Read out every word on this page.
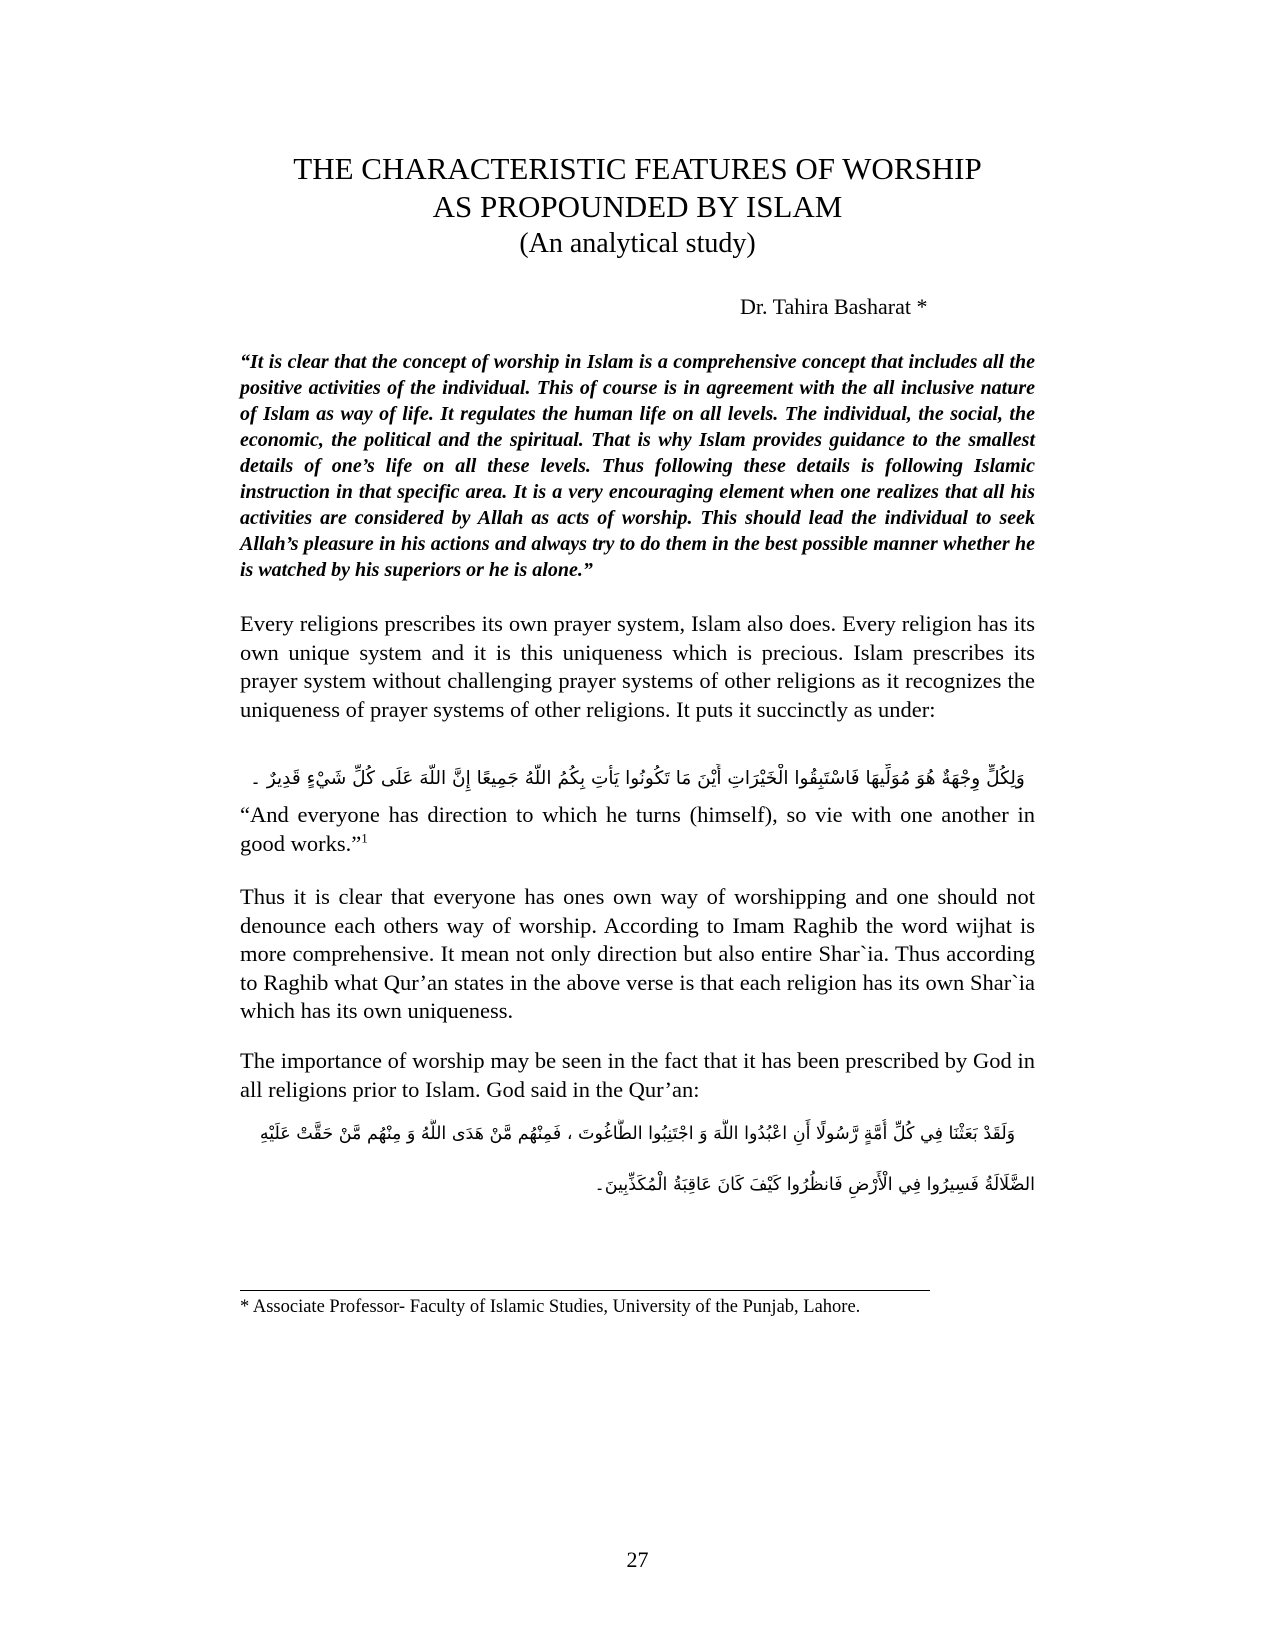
THE CHARACTERISTIC FEATURES OF WORSHIP
AS PROPOUNDED BY ISLAM
(An analytical study)
Dr. Tahira Basharat *

“It is clear that the concept of worship in Islam is a comprehensive concept that includes all the positive activities of the individual. This of course is in agreement with the all inclusive nature of Islam as way of life. It regulates the human life on all levels. The individual, the social, the economic, the political and the spiritual. That is why Islam provides guidance to the smallest details of one’s life on all these levels. Thus following these details is following Islamic instruction in that specific area. It is a very encouraging element when one realizes that all his activities are considered by Allah as acts of worship. This should lead the individual to seek Allah’s pleasure in his actions and always try to do them in the best possible manner whether he is watched by his superiors or he is alone.”

Every religions prescribes its own prayer system, Islam also does. Every religion has its own unique system and it is this uniqueness which is precious. Islam prescribes its prayer system without challenging prayer systems of other religions as it recognizes the uniqueness of prayer systems of other religions. It puts it succinctly as under:

وَلِكُلٍّ وِجْهَةٌ هُوَ مُوَلِّيهَا فَاسْتَبِقُوا الْخَيْرَاتِ أَيْنَ مَا تَكُونُوا يَأْتِ بِكُمُ اللَّهُ جَمِيعًا إِنَّ اللَّهَ عَلَى كُلِّ شَيْءٍ قَدِيرٌ ۔

“And everyone has direction to which he turns (himself), so vie with one another in good works.”$^1$

Thus it is clear that everyone has ones own way of worshipping and one should not denounce each others way of worship. According to Imam Raghib the word wijhat is more comprehensive. It mean not only direction but also entire Shar`ia. Thus according to Raghib what Qur’an states in the above verse is that each religion has its own Shar`ia which has its own uniqueness.

The importance of worship may be seen in the fact that it has been prescribed by God in all religions prior to Islam. God said in the Qur’an:

وَلَقَدْ بَعَثْنَا فِي كُلِّ أُمَّةٍ رَّسُولًا أَنِ اعْبُدُوا اللَّهَ وَ اجْتَنِبُوا الطَّاغُوتَ ، فَمِنْهُم مَّنْ هَدَى اللَّهُ وَ مِنْهُم مَّنْ حَقَّتْ عَلَيْهِ
الضَّلَالَةُ فَسِيرُوا فِي الْأَرْضِ فَانظُرُوا كَيْفَ كَانَ عَاقِبَةُ الْمُكَذِّبِينَ۔

* Associate Professor- Faculty of Islamic Studies, University of the Punjab, Lahore.

27
